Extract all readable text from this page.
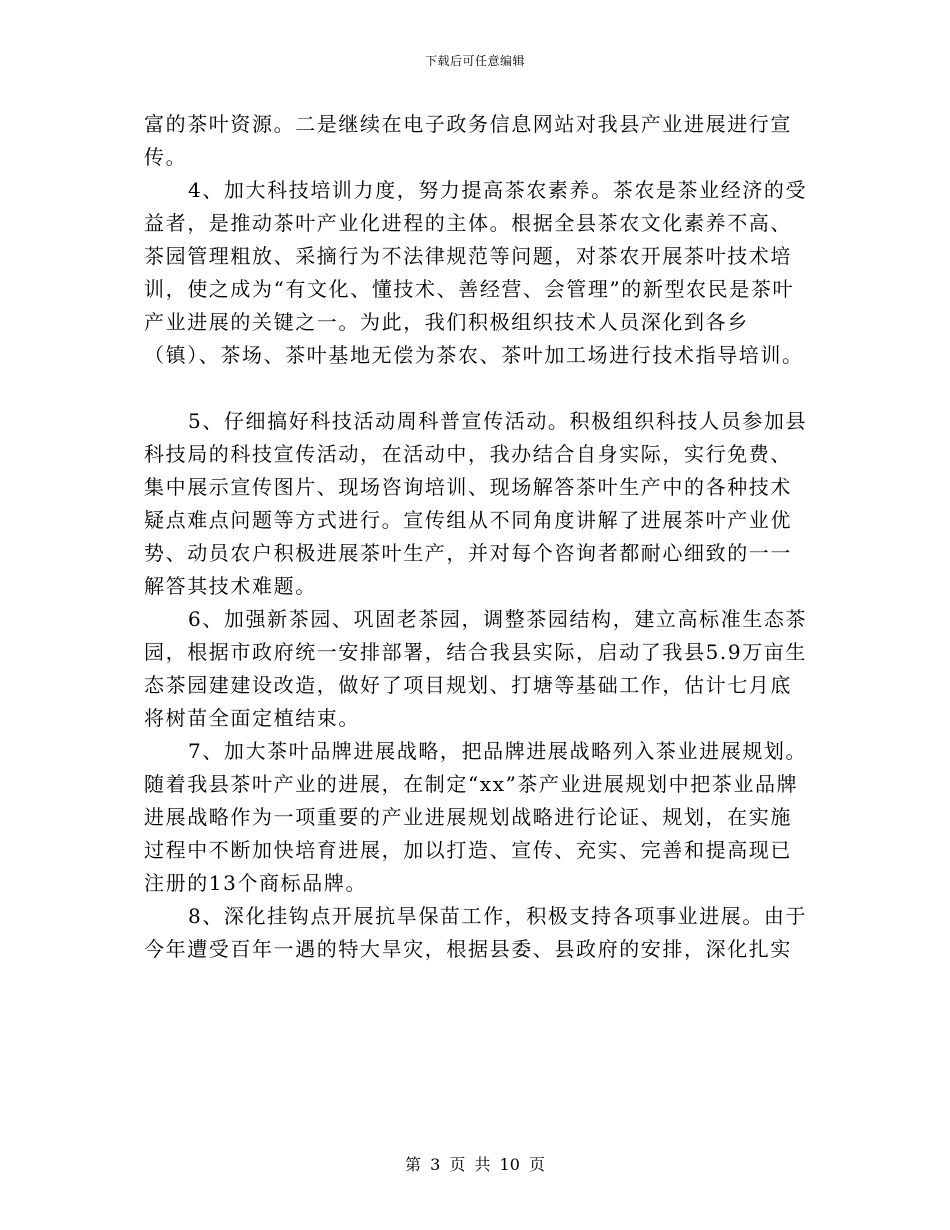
下载后可任意编辑

富的茶叶资源。二是继续在电子政务信息网站对我县产业进展进行宣传。

4、加大科技培训力度，努力提高茶农素养。茶农是茶业经济的受益者，是推动茶叶产业化进程的主体。根据全县茶农文化素养不高、茶园管理粗放、采摘行为不法律规范等问题，对茶农开展茶叶技术培训，使之成为“有文化、懂技术、善经营、会管理”的新型农民是茶叶产业进展的关键之一。为此，我们积极组织技术人员深化到各乡（镇）、茶场、茶叶基地无偿为茶农、茶叶加工场进行技术指导培训。

5、仔细搞好科技活动周科普宣传活动。积极组织科技人员参加县科技局的科技宣传活动，在活动中，我办结合自身实际，实行免费、集中展示宣传图片、现场咨询培训、现场解答茶叶生产中的各种技术疑点难点问题等方式进行。宣传组从不同角度讲解了进展茶叶产业优势、动员农户积极进展茶叶生产，并对每个咨询者都耐心细致的一一解答其技术难题。

6、加强新茶园、巩固老茶园，调整茶园结构，建立高标准生态茶园，根据市政府统一安排部署，结合我县实际，启动了我县5.9万亩生态茶园建建设改造，做好了项目规划、打塘等基础工作，估计七月底将树苗全面定植结束。

7、加大茶叶品牌进展战略，把品牌进展战略列入茶业进展规划。随着我县茶叶产业的进展，在制定“xx”茶产业进展规划中把茶业品牌进展战略作为一项重要的产业进展规划战略进行论证、规划，在实施过程中不断加快培育进展，加以打造、宣传、充实、完善和提高现已注册的13个商标品牌。

8、深化挂钩点开展抗旱保苗工作，积极支持各项事业进展。由于今年遭受百年一遇的特大旱灾，根据县委、县政府的安排，深化扎实

第 3 页 共 10 页
